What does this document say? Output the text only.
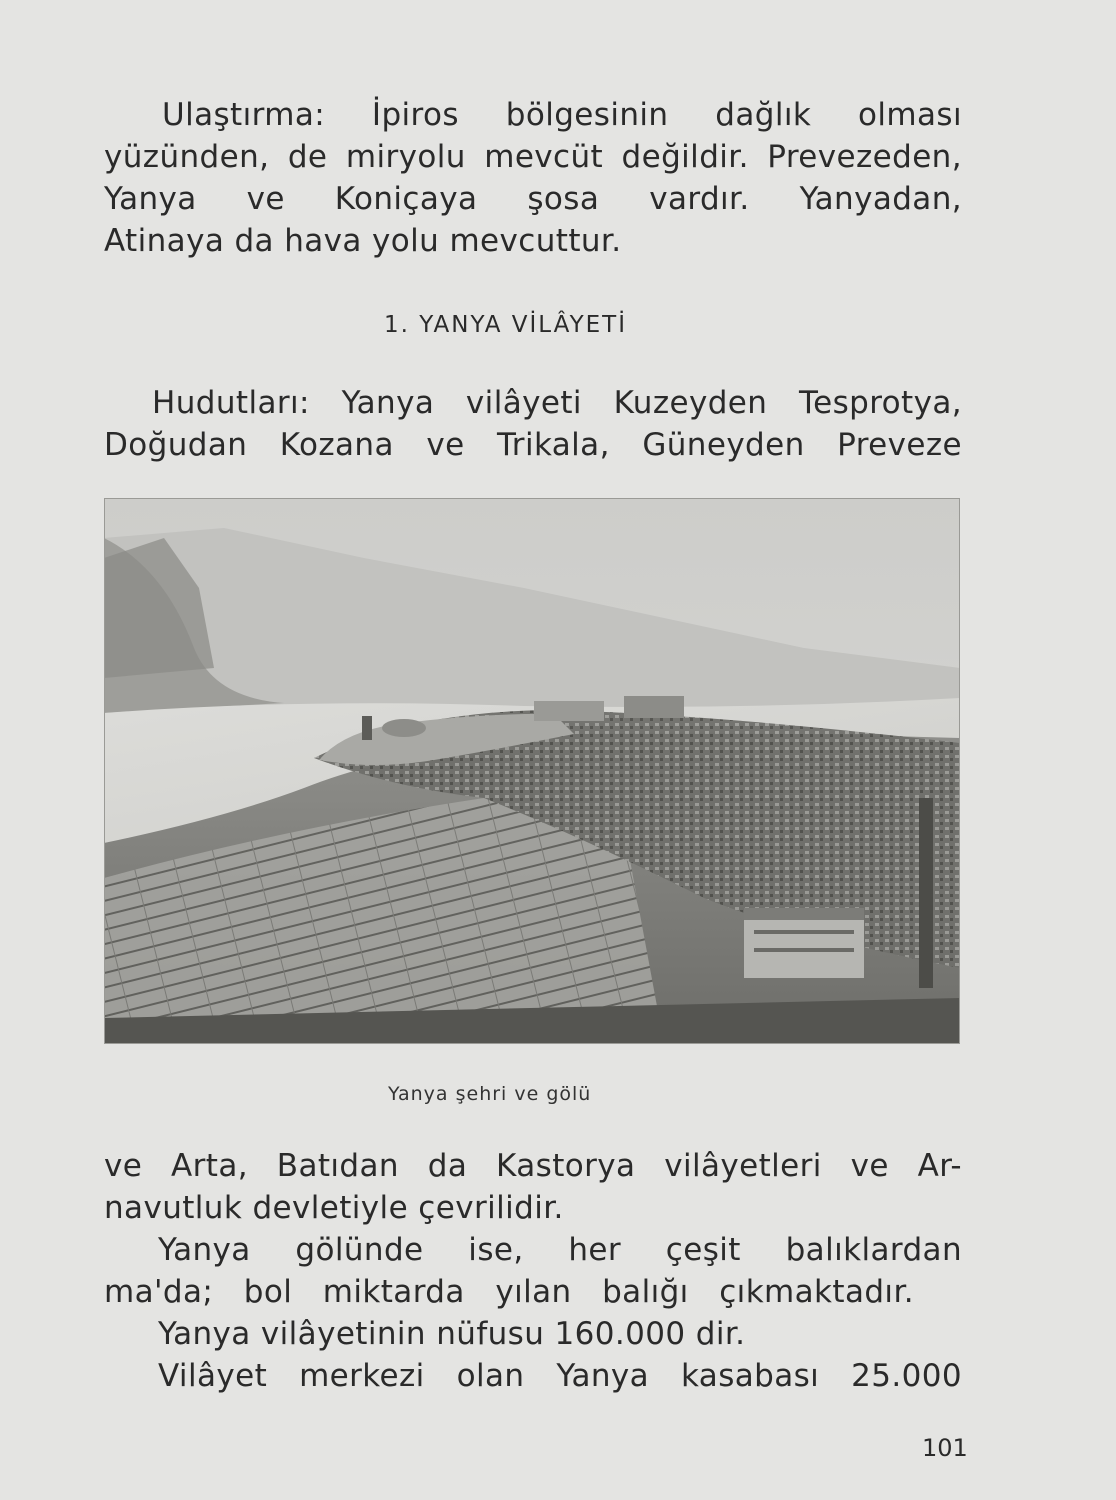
Ulaştırma: İpiros bölgesinin dağlık olması
yüzünden, de miryolu mevcüt değildir. Prevezeden,
Yanya ve Koniçaya şosa vardır. Yanyadan,
Atinaya da hava yolu mevcuttur.
1. YANYA VİLÂYETİ
Hudutları: Yanya vilâyeti Kuzeyden Tesprotya,
Doğudan Kozana ve Trikala, Güneyden Preveze
Yanya şehri ve gölü
ve Arta, Batıdan da Kastorya vilâyetleri ve Ar-
navutluk devletiyle çevrilidir.
Yanya gölünde ise, her çeşit balıklardan
ma'da; bol miktarda yılan balığı çıkmaktadır.
Yanya vilâyetinin nüfusu 160.000 dir.
Vilâyet merkezi olan Yanya kasabası 25.000
101
